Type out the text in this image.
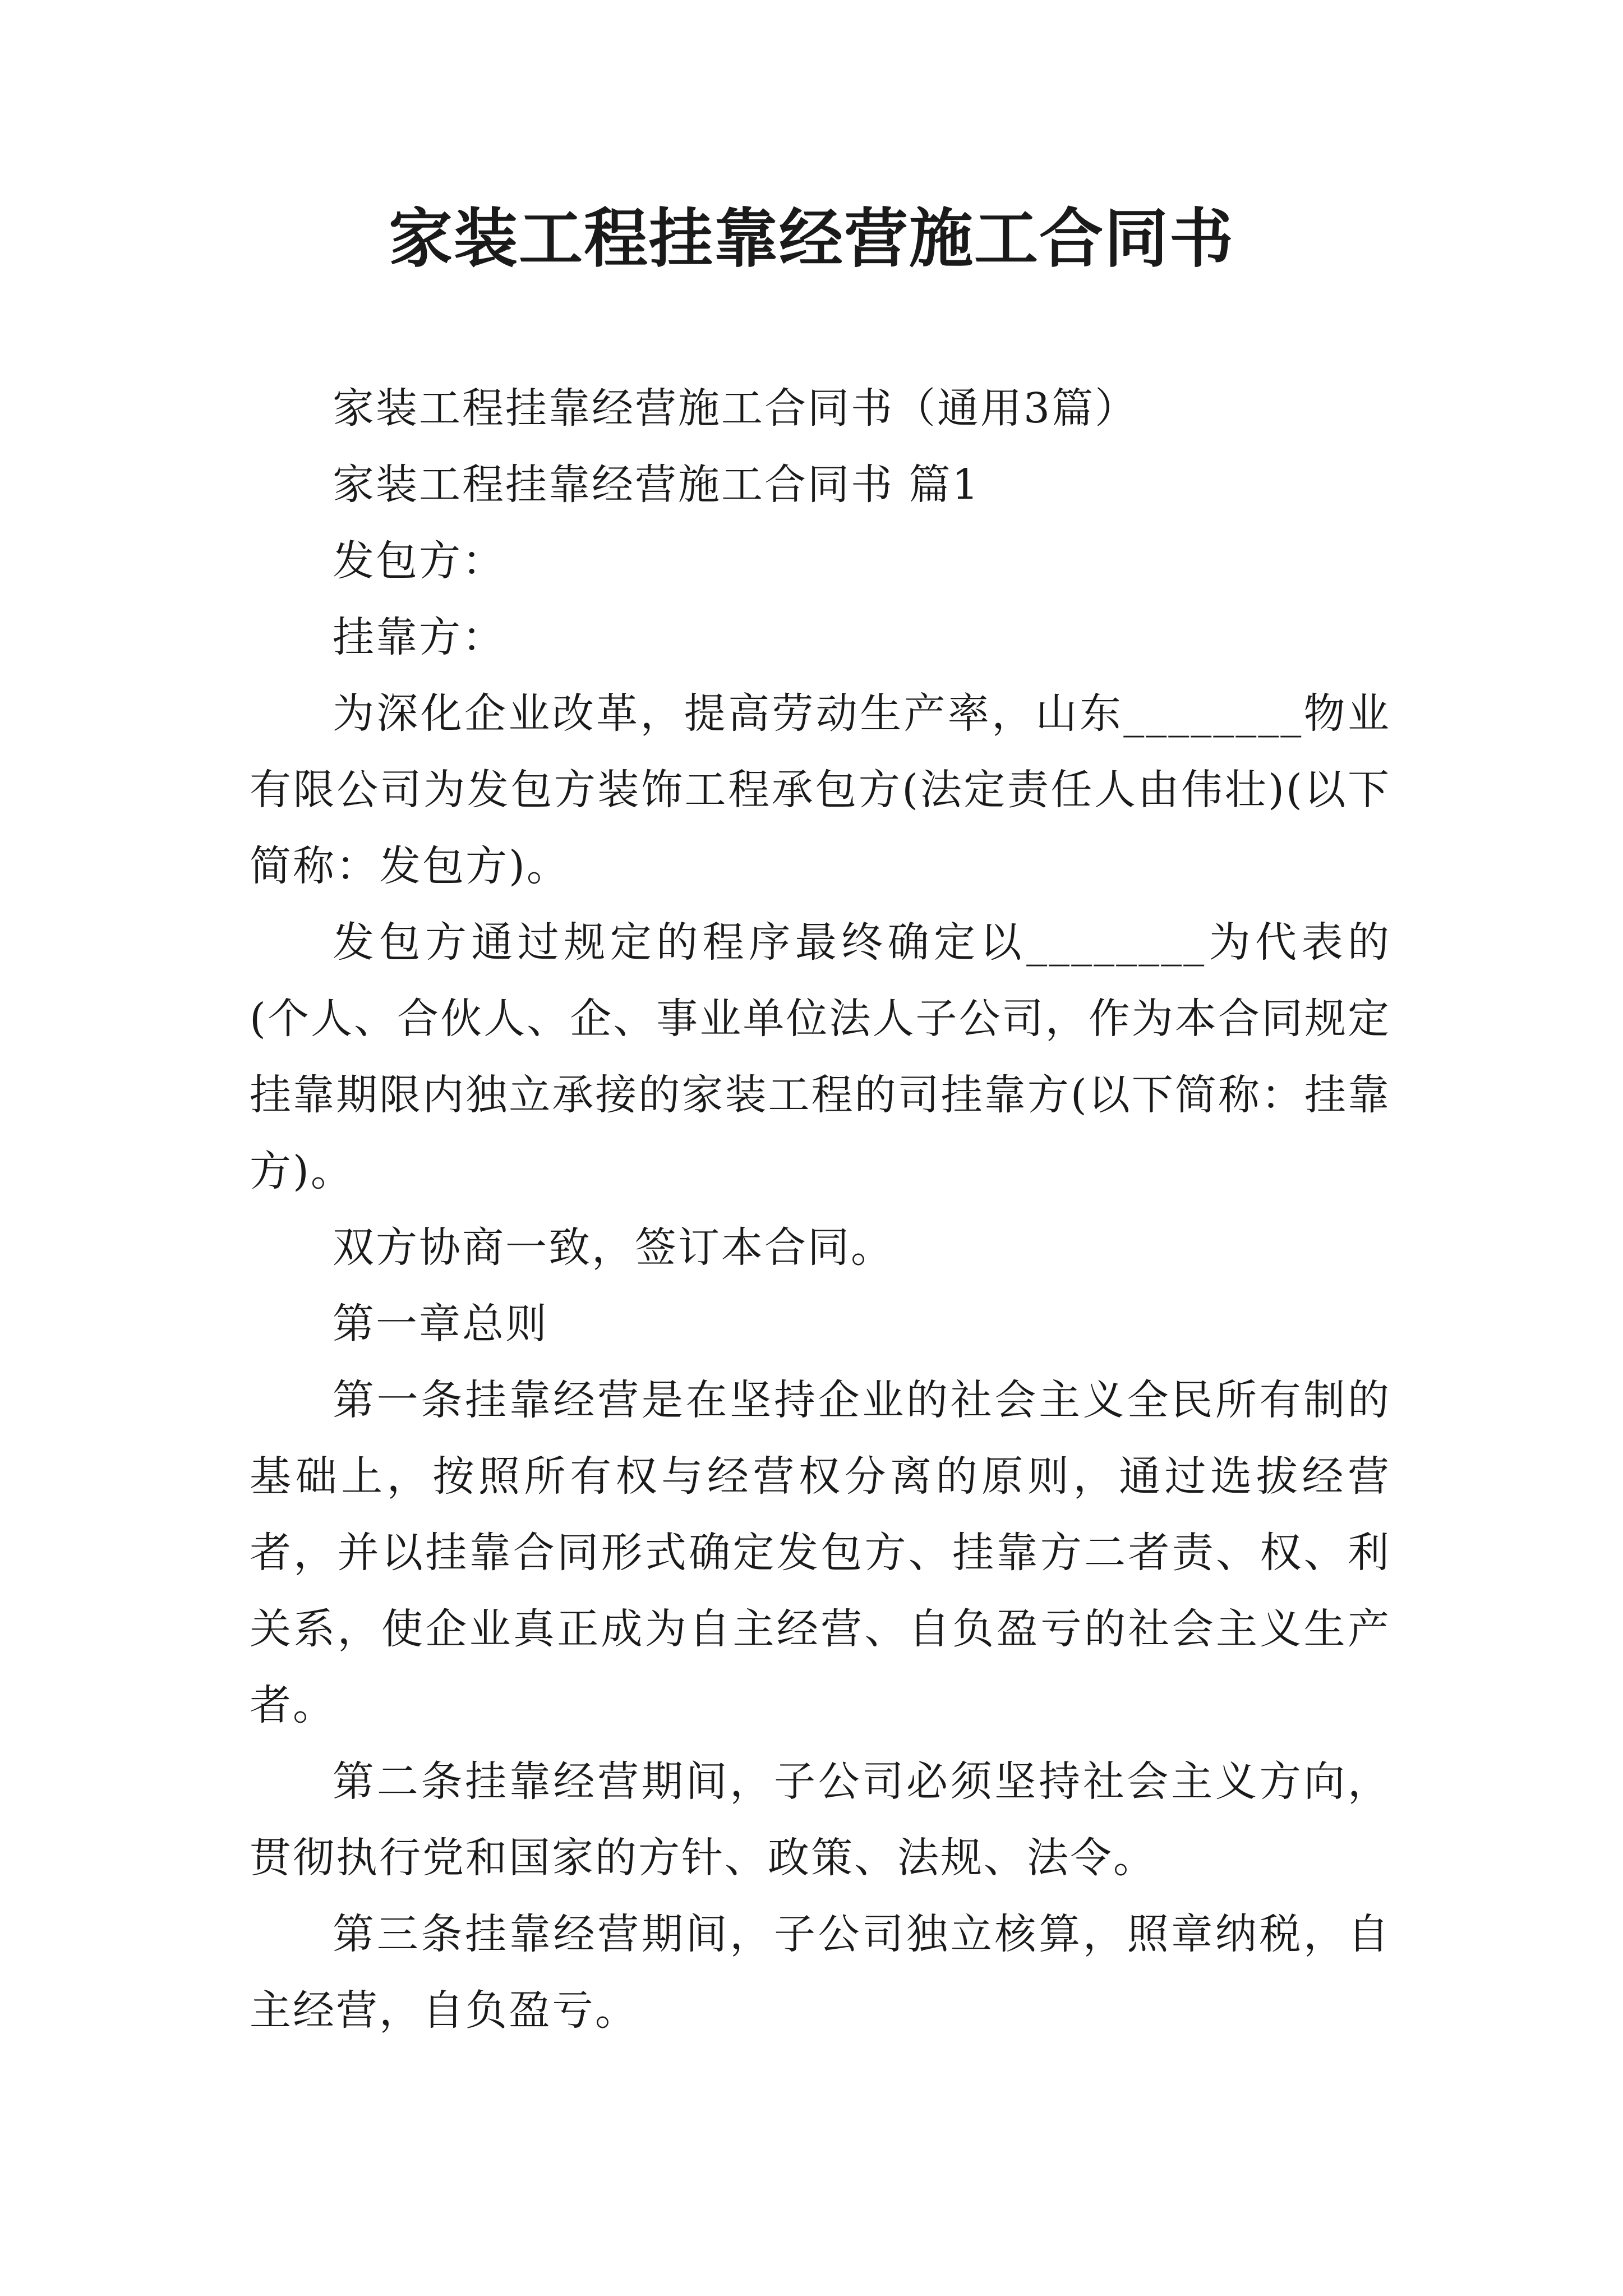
家装工程挂靠经营施工合同书

家装工程挂靠经营施工合同书（通用3篇）

家装工程挂靠经营施工合同书 篇1

发包方：

挂靠方：

为深化企业改革，提高劳动生产率，山东________物业有限公司为发包方装饰工程承包方(法定责任人由伟壮)(以下简称：发包方)。

发包方通过规定的程序最终确定以________为代表的(个人、合伙人、企、事业单位法人子公司，作为本合同规定挂靠期限内独立承接的家装工程的司挂靠方(以下简称：挂靠方)。

双方协商一致，签订本合同。

第一章总则

第一条挂靠经营是在坚持企业的社会主义全民所有制的基础上，按照所有权与经营权分离的原则，通过选拔经营者，并以挂靠合同形式确定发包方、挂靠方二者责、权、利关系，使企业真正成为自主经营、自负盈亏的社会主义生产者。

第二条挂靠经营期间，子公司必须坚持社会主义方向，贯彻执行党和国家的方针、政策、法规、法令。

第三条挂靠经营期间，子公司独立核算，照章纳税，自主经营，自负盈亏。
